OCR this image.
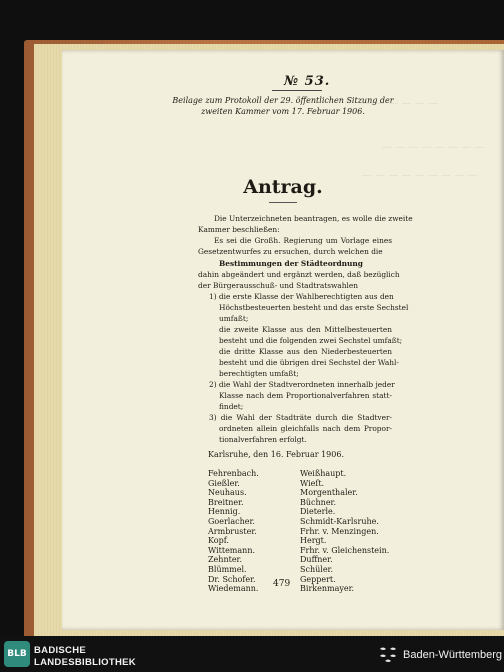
— — — — — —
— — — — — — — —
— — — — — — — — —
№ 53.
Beilage zum Protokoll der 29. öffentlichen Sitzung der
zweiten Kammer vom 17. Februar 1906.
Antrag.
Die Unterzeichneten beantragen, es wolle die zweite
Kammer beschließen:
Es sei die Großh. Regierung um Vorlage eines
Gesetzentwurfes zu ersuchen, durch welchen die
Bestimmungen der Städteordnung
dahin abgeändert und ergänzt werden, daß bezüglich
der Bürgerausschuß- und Stadtratswahlen
1) die erste Klasse der Wahlberechtigten aus den
Höchstbesteuerten besteht und das erste Sechstel
umfaßt;
die zweite Klasse aus den Mittelbesteuerten
besteht und die folgenden zwei Sechstel umfaßt;
die dritte Klasse aus den Niederbesteuerten
besteht und die übrigen drei Sechstel der Wahl-
berechtigten umfaßt;
2) die Wahl der Stadtverordneten innerhalb jeder
Klasse nach dem Proportionalverfahren statt-
findet;
3) die Wahl der Stadträte durch die Stadtver-
ordneten allein gleichfalls nach dem Propor-
tionalverfahren erfolgt.
Karlsruhe, den 16. Februar 1906.
Fehrenbach.
Gießler.
Neuhaus.
Breitner.
Hennig.
Goerlacher.
Armbruster.
Kopf.
Wittemann.
Zehnter.
Blümmel.
Dr. Schofer.
Wiedemann.
Weißhaupt.
Wieſt.
Morgenthaler.
Büchner.
Dieterle.
Schmidt-Karlsruhe.
Frhr. v. Menzingen.
Hergt.
Frhr. v. Gleichenstein.
Duffner.
Schüler.
Geppert.
Birkenmayer.
479
BLB BADISCHE
LANDESBIBLIOTHEK
Baden-Württemberg
